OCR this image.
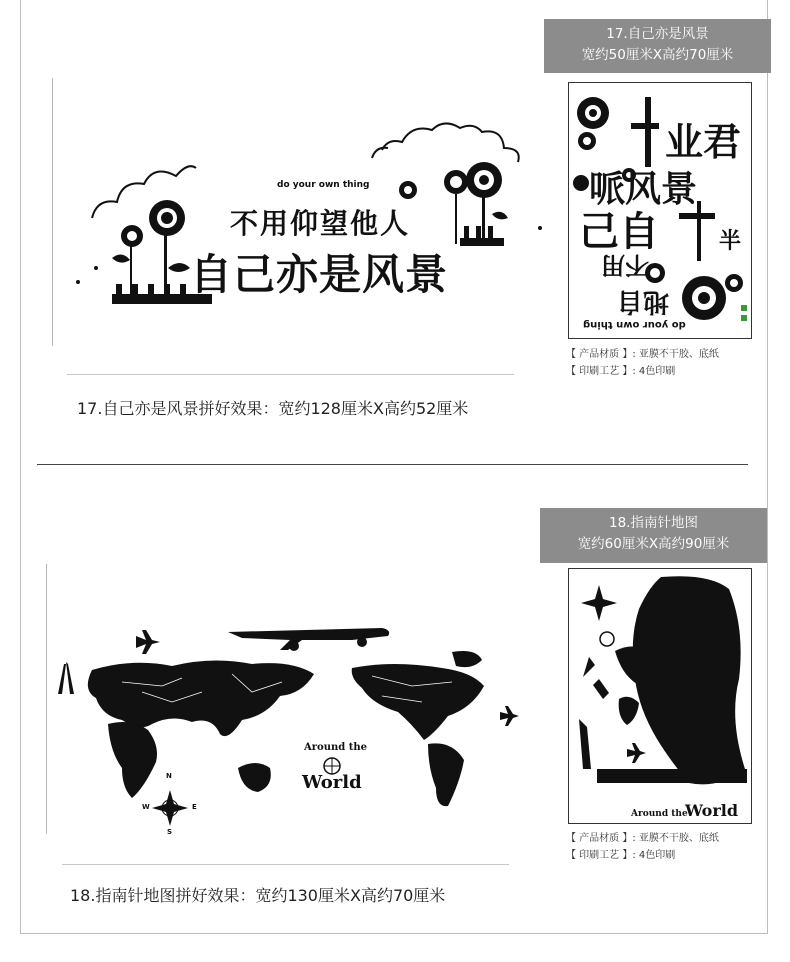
do your own thing
不用仰望他人
自己亦是风景
17.自己亦是风景
宽约50厘米X高约70厘米
业君
哌风景
己自	半
地自
不用
do your own thing
【 产品材质 】: 亚膜不干胶、底纸
【 印刷工艺 】: 4色印刷
17.自己亦是风景拼好效果：宽约128厘米X高约52厘米
Around the
World
N
S
W	E
18.指南针地图
宽约60厘米X高约90厘米
Around the
World
【 产品材质 】: 亚膜不干胶、底纸
【 印刷工艺 】: 4色印刷
18.指南针地图拼好效果：宽约130厘米X高约70厘米
